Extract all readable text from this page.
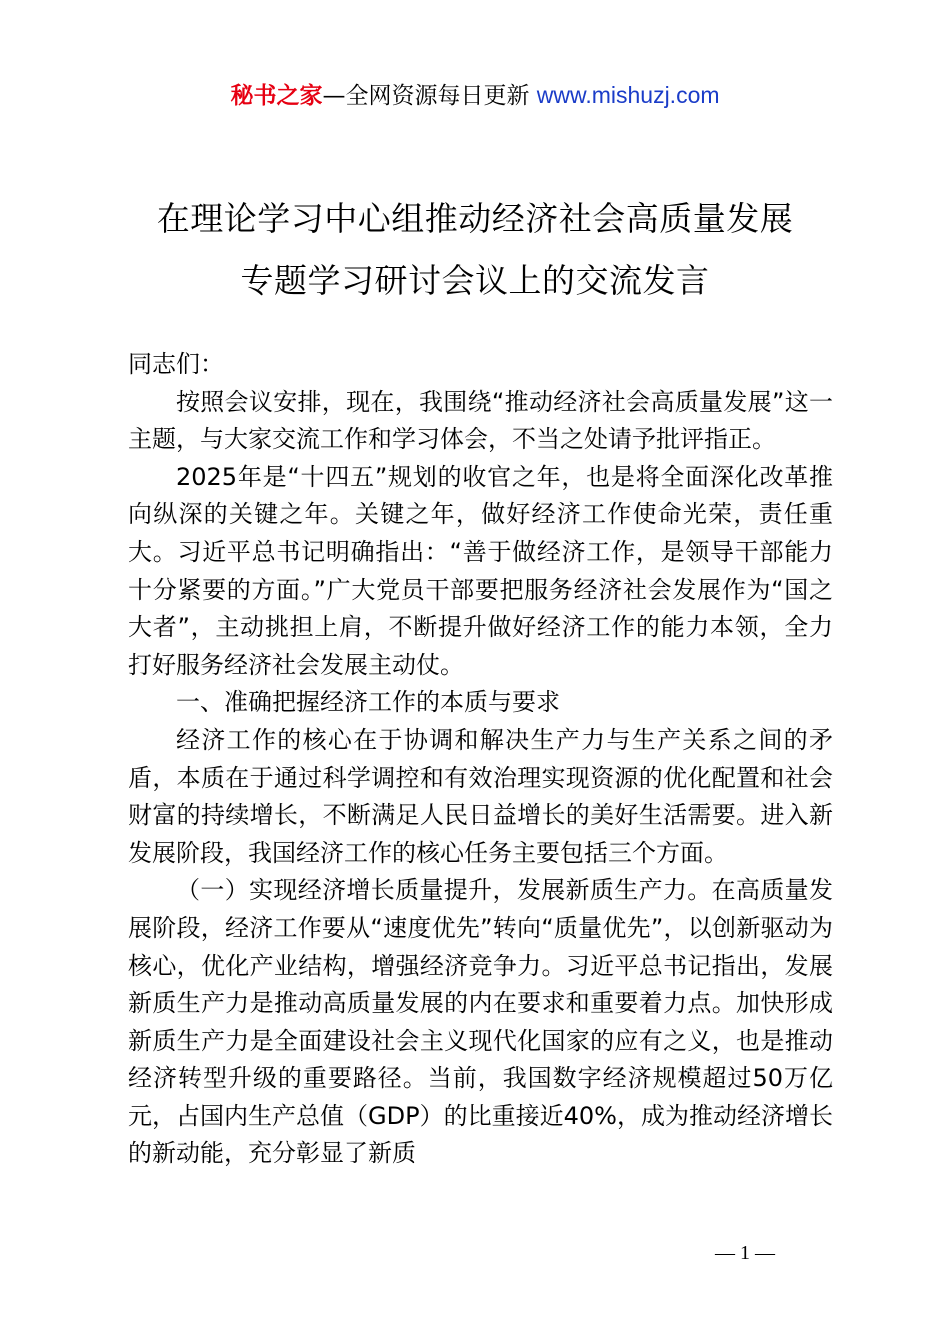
秘书之家—全网资源每日更新 www.mishuzj.com
在理论学习中心组推动经济社会高质量发展
专题学习研讨会议上的交流发言

同志们：

按照会议安排，现在，我围绕“推动经济社会高质量发展”这一主题，与大家交流工作和学习体会，不当之处请予批评指正。

2025年是“十四五”规划的收官之年，也是将全面深化改革推向纵深的关键之年。关键之年，做好经济工作使命光荣，责任重大。习近平总书记明确指出：“善于做经济工作，是领导干部能力十分紧要的方面。”广大党员干部要把服务经济社会发展作为“国之大者”，主动挑担上肩，不断提升做好经济工作的能力本领，全力打好服务经济社会发展主动仗。

一、准确把握经济工作的本质与要求

经济工作的核心在于协调和解决生产力与生产关系之间的矛盾，本质在于通过科学调控和有效治理实现资源的优化配置和社会财富的持续增长，不断满足人民日益增长的美好生活需要。进入新发展阶段，我国经济工作的核心任务主要包括三个方面。

（一）实现经济增长质量提升，发展新质生产力。在高质量发展阶段，经济工作要从“速度优先”转向“质量优先”，以创新驱动为核心，优化产业结构，增强经济竞争力。习近平总书记指出，发展新质生产力是推动高质量发展的内在要求和重要着力点。加快形成新质生产力是全面建设社会主义现代化国家的应有之义，也是推动经济转型升级的重要路径。当前，我国数字经济规模超过50万亿元，占国内生产总值（GDP）的比重接近40%，成为推动经济增长的新动能，充分彰显了新质

— 1 —
